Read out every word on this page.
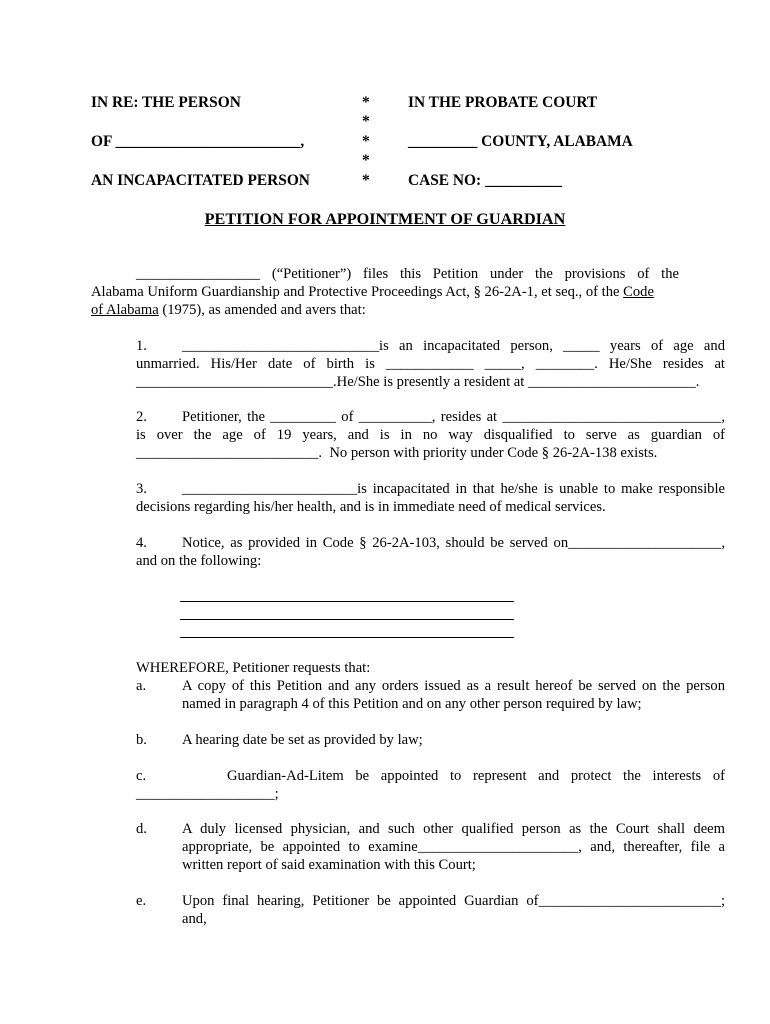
IN RE: THE PERSON
OF ________________________,
AN INCAPACITATED PERSON
*
*
*
*
*
IN THE PROBATE COURT
_________ COUNTY, ALABAMA
CASE NO: __________
PETITION FOR APPOINTMENT OF GUARDIAN
_________________ (“Petitioner”) files this Petition under the provisions of the
Alabama Uniform Guardianship and Protective Proceedings Act, § 26-2A-1, et seq., of the Code
of Alabama (1975), as amended and avers that:
1. ___________________________is an incapacitated person, _____ years of age and
unmarried. His/Her date of birth is ____________ _____, ________. He/She resides at
___________________________.He/She is presently a resident at _______________________.
2. Petitioner, the _________ of __________, resides at ______________________________,
is over the age of 19 years, and is in no way disqualified to serve as guardian of
_________________________.  No person with priority under Code § 26-2A-138 exists.
3. ________________________is incapacitated in that he/she is unable to make responsible
decisions regarding his/her health, and is in immediate need of medical services.
4. Notice, as provided in Code § 26-2A-103, should be served on_____________________,
and on the following:
WHEREFORE, Petitioner requests that:
a. A copy of this Petition and any orders issued as a result hereof be served on the person
named in paragraph 4 of this Petition and on any other person required by law;
b. A hearing date be set as provided by law;
c.	Guardian-Ad-Litem be appointed to represent and protect the interests of
___________________;
d. A duly licensed physician, and such other qualified person as the Court shall deem
appropriate, be appointed to examine______________________, and, thereafter, file a
written report of said examination with this Court;
e. Upon final hearing, Petitioner be appointed Guardian of_________________________;
and,
